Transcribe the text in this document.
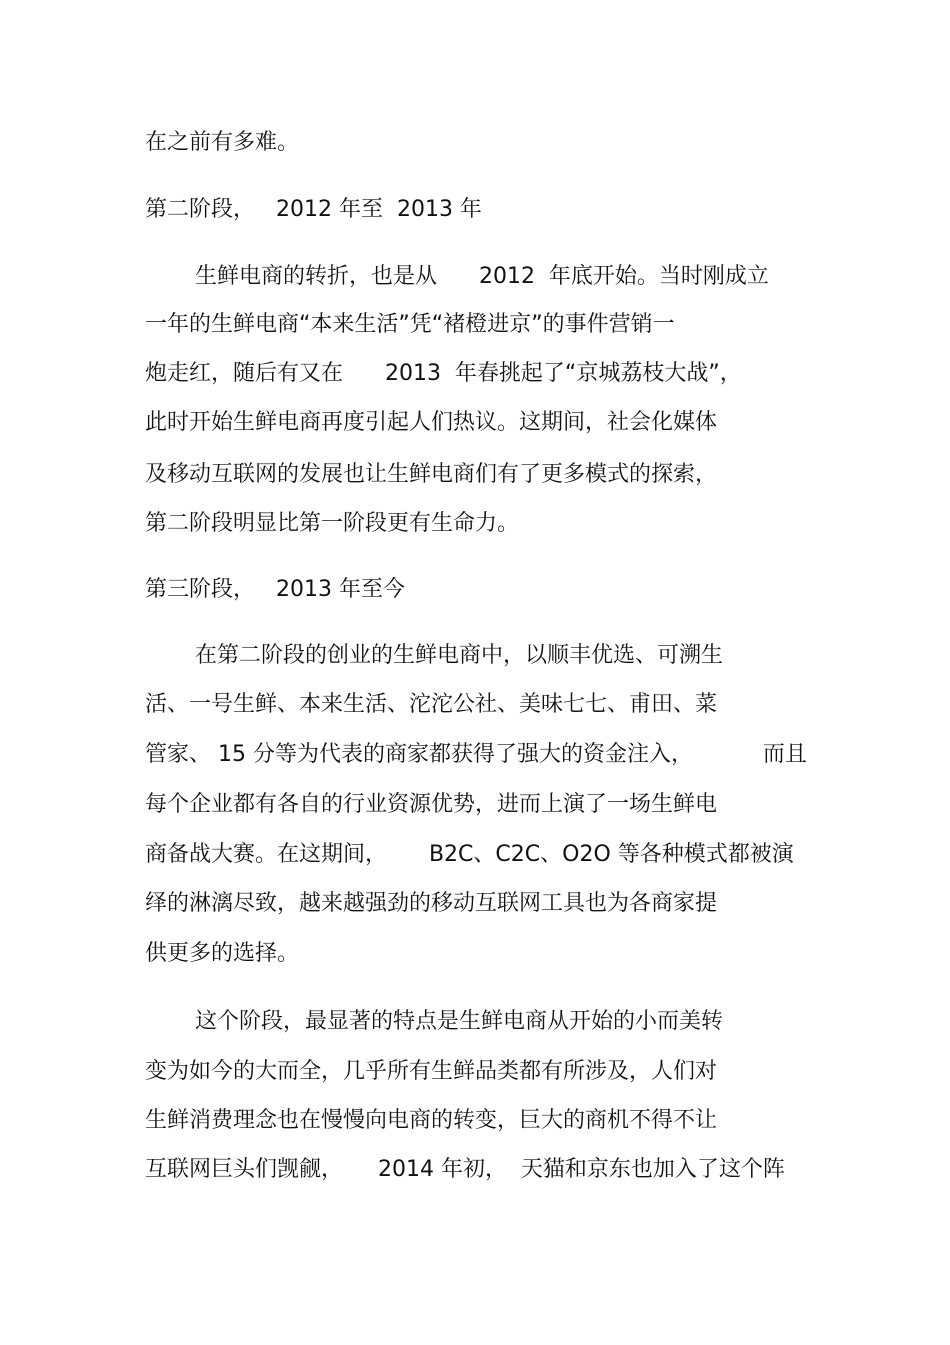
在之前有多难。
第二阶段，   2012 年至  2013 年
生鲜电商的转折，也是从      2012  年底开始。当时刚成立
一年的生鲜电商“本来生活”凭“褚橙进京”的事件营销一
炮走红，随后有又在      2013  年春挑起了“京城荔枝大战”，
此时开始生鲜电商再度引起人们热议。这期间，社会化媒体
及移动互联网的发展也让生鲜电商们有了更多模式的探索，
第二阶段明显比第一阶段更有生命力。
第三阶段，   2013 年至今
在第二阶段的创业的生鲜电商中，以顺丰优选、可溯生
活、一号生鲜、本来生活、沱沱公社、美味七七、甫田、菜
管家、 15 分等为代表的商家都获得了强大的资金注入，          而且
每个企业都有各自的行业资源优势，进而上演了一场生鲜电
商备战大赛。在这期间，      B2C、C2C、O2O 等各种模式都被演
绎的淋漓尽致，越来越强劲的移动互联网工具也为各商家提
供更多的选择。
这个阶段，最显著的特点是生鲜电商从开始的小而美转
变为如今的大而全，几乎所有生鲜品类都有所涉及，人们对
生鲜消费理念也在慢慢向电商的转变，巨大的商机不得不让
互联网巨头们觊觎，     2014 年初，  天猫和京东也加入了这个阵
